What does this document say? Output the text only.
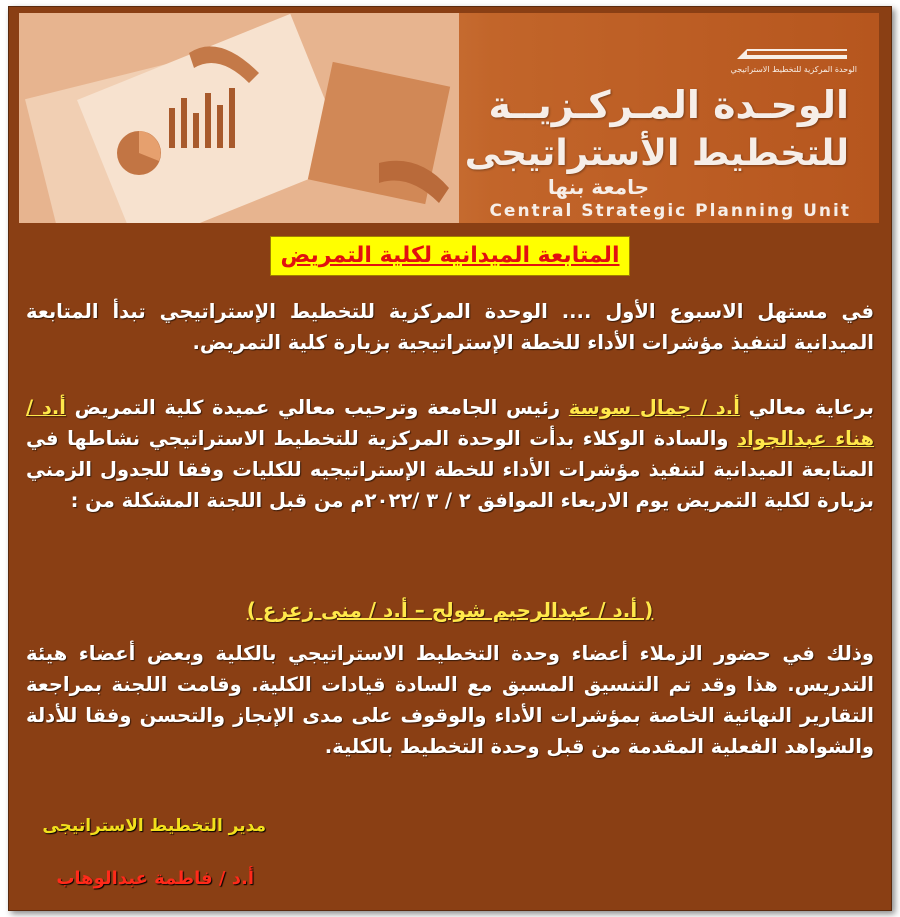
الوحدة المركزية للتخطيط الاستراتيجي
الوحـدة المـركـزيــة
للتخطيط الأستراتيجى
جامعة بنها
Central Strategic Planning Unit
المتابعة الميدانية لكلية التمريض
في مستهل الاسبوع الأول .... الوحدة المركزية للتخطيط الإستراتيجي تبدأ المتابعة الميدانية لتنفيذ مؤشرات الأداء للخطة الإستراتيجية بزيارة كلية التمريض.
برعاية معالي أ.د / جمال سوسة رئيس الجامعة وترحيب معالي عميدة كلية التمريض أ.د / هناء عبدالجواد والسادة الوكلاء بدأت الوحدة المركزية للتخطيط الاستراتيجي نشاطها في المتابعة الميدانية لتنفيذ مؤشرات الأداء للخطة الإستراتيجيه للكليات وفقا للجدول الزمني بزيارة لكلية التمريض يوم الاربعاء الموافق ٢ / ٣ /٢٠٢٢م من قبل اللجنة المشكلة من :
( أ.د / عبدالرحيم شولح – أ.د / منى زعزع )
وذلك في حضور الزملاء أعضاء وحدة التخطيط الاستراتيجي بالكلية وبعض أعضاء هيئة التدريس. هذا وقد تم التنسيق المسبق مع السادة قيادات الكلية. وقامت اللجنة بمراجعة التقارير النهائية الخاصة بمؤشرات الأداء والوقوف على مدى الإنجاز والتحسن وفقا للأدلة والشواهد الفعلية المقدمة من قبل وحدة التخطيط بالكلية.
مدير التخطيط الاستراتيجى
أ.د / فاطمة عبدالوهاب
